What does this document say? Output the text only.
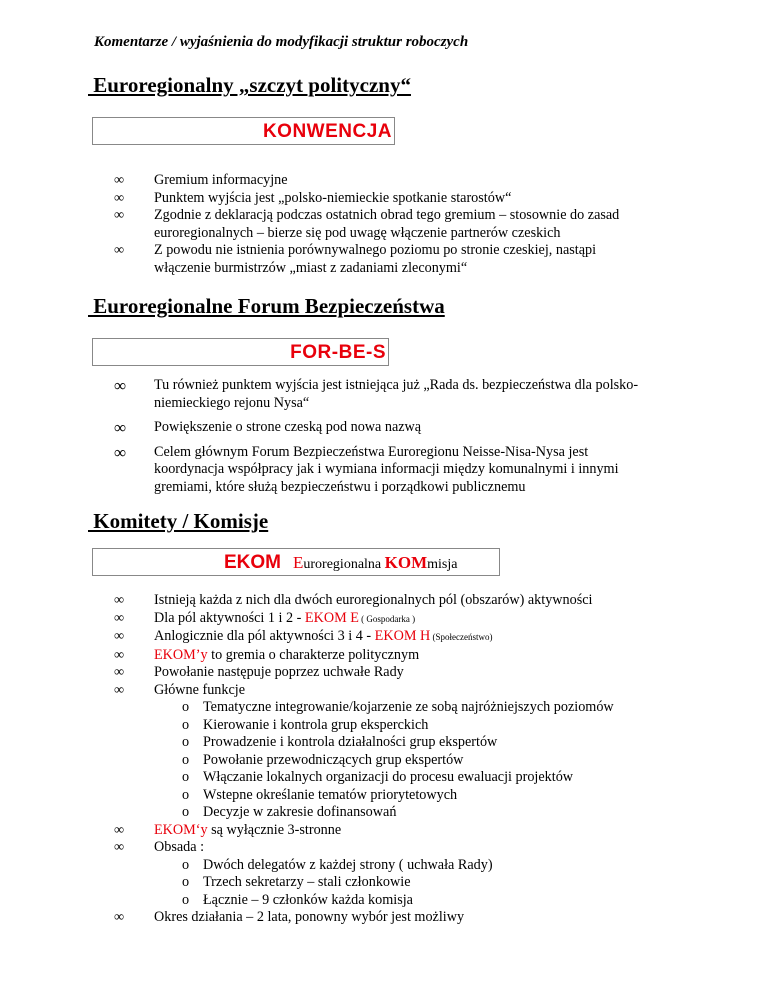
Komentarze / wyjaśnienia do modyfikacji struktur roboczych
Euroregionalny „szczyt polityczny“
KONWENCJA
∞	Gremium informacyjne
∞	Punktem wyjścia jest „polsko-niemieckie spotkanie starostów“
∞	Zgodnie z deklaracją podczas ostatnich obrad tego gremium – stosownie do zasad
euroregionalnych – bierze się pod uwagę włączenie partnerów czeskich
∞	Z powodu nie istnienia porównywalnego poziomu po stronie czeskiej, nastąpi
włączenie burmistrzów „miast z zadaniami zleconymi“
Euroregionalne Forum Bezpieczeństwa
FOR-BE-S
∞	Tu również punktem wyjścia jest istniejąca już „Rada ds. bezpieczeństwa dla polsko-
niemieckiego rejonu Nysa“
∞	Powiększenie o strone czeską pod nowa nazwą
∞	Celem głównym Forum Bezpieczeństwa Euroregionu Neisse-Nisa-Nysa jest
koordynacja współpracy jak i wymiana informacji między komunalnymi i innymi
gremiami, które służą bezpieczeństwu i porządkowi publicznemu
Komitety / Komisje
EKOM Euroregionalna KOMmisja
∞	Istnieją każda z nich dla dwóch euroregionalnych pól (obszarów) aktywności
∞	Dla pól aktywności 1 i 2 - EKOM E ( Gospodarka )
∞	Anlogicznie dla pól aktywności 3 i 4 - EKOM H (Społeczeństwo)
∞	EKOM’y to gremia o charakterze politycznym
∞	Powołanie następuje poprzez uchwałe Rady
∞	Główne funkcje
o Tematyczne integrowanie/kojarzenie ze sobą najróżniejszych poziomów
o Kierowanie i kontrola grup eksperckich
o Prowadzenie i kontrola działalności grup ekspertów
o Powołanie przewodniczących grup ekspertów
o Włączanie lokalnych organizacji do procesu ewaluacji projektów
o Wstepne określanie tematów priorytetowych
o Decyzje w zakresie dofinansowań
∞	EKOM‘y są wyłącznie 3-stronne
∞	Obsada :
o Dwóch delegatów z każdej strony ( uchwała Rady)
o Trzech sekretarzy – stali członkowie
o Łącznie – 9 członków każda komisja
∞	Okres działania – 2 lata, ponowny wybór jest możliwy
